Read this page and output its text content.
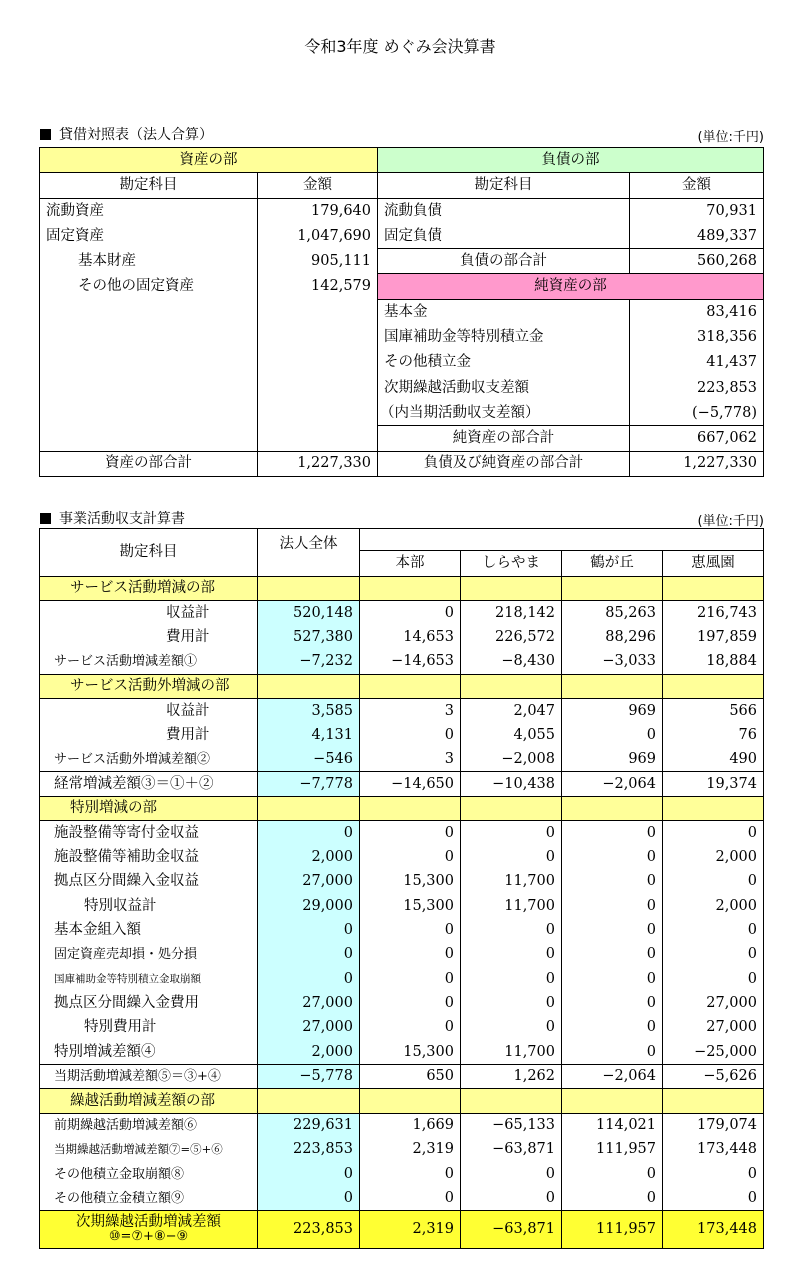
令和3年度 めぐみ会決算書
貸借対照表（法人合算）	(単位:千円)
資産の部		負債の部	
勘定科目	金額	勘定科目	金額
流動資産	179,640	流動負債	70,931
固定資産	1,047,690	固定負債	489,337
基本財産	905,111	負債の部合計	560,268
その他の固定資産	142,579	純資産の部	
		基本金	83,416
		国庫補助金等特別積立金	318,356
		その他積立金	41,437
		次期繰越活動収支差額	223,853
		（内当期活動収支差額）	(−5,778)
		純資産の部合計	667,062
資産の部合計	1,227,330	負債及び純資産の部合計	1,227,330
事業活動収支計算書	(単位:千円)
勘定科目	法人全体				
		本部	しらやま	鶴が丘	恵風園
サービス活動増減の部					
収益計	520,148	0	218,142	85,263	216,743
費用計	527,380	14,653	226,572	88,296	197,859
サービス活動増減差額①	−7,232	−14,653	−8,430	−3,033	18,884
サービス活動外増減の部					
収益計	3,585	3	2,047	969	566
費用計	4,131	0	4,055	0	76
サービス活動外増減差額②	−546	3	−2,008	969	490
経常増減差額③＝①＋②	−7,778	−14,650	−10,438	−2,064	19,374
特別増減の部					
施設整備等寄付金収益	0	0	0	0	0
施設整備等補助金収益	2,000	0	0	0	2,000
拠点区分間繰入金収益	27,000	15,300	11,700	0	0
特別収益計	29,000	15,300	11,700	0	2,000
基本金組入額	0	0	0	0	0
固定資産売却損・処分損	0	0	0	0	0
国庫補助金等特別積立金取崩額	0	0	0	0	0
拠点区分間繰入金費用	27,000	0	0	0	27,000
特別費用計	27,000	0	0	0	27,000
特別増減差額④	2,000	15,300	11,700	0	−25,000
当期活動増減差額⑤＝③+④	−5,778	650	1,262	−2,064	−5,626
繰越活動増減差額の部					
前期繰越活動増減差額⑥	229,631	1,669	−65,133	114,021	179,074
当期繰越活動増減差額⑦=⑤+⑥	223,853	2,319	−63,871	111,957	173,448
その他積立金取崩額⑧	0	0	0	0	0
その他積立金積立額⑨	0	0	0	0	0

次期繰越活動増減差額
⑩=⑦+⑧−⑨	223,853	2,319	−63,871	111,957	173,448
